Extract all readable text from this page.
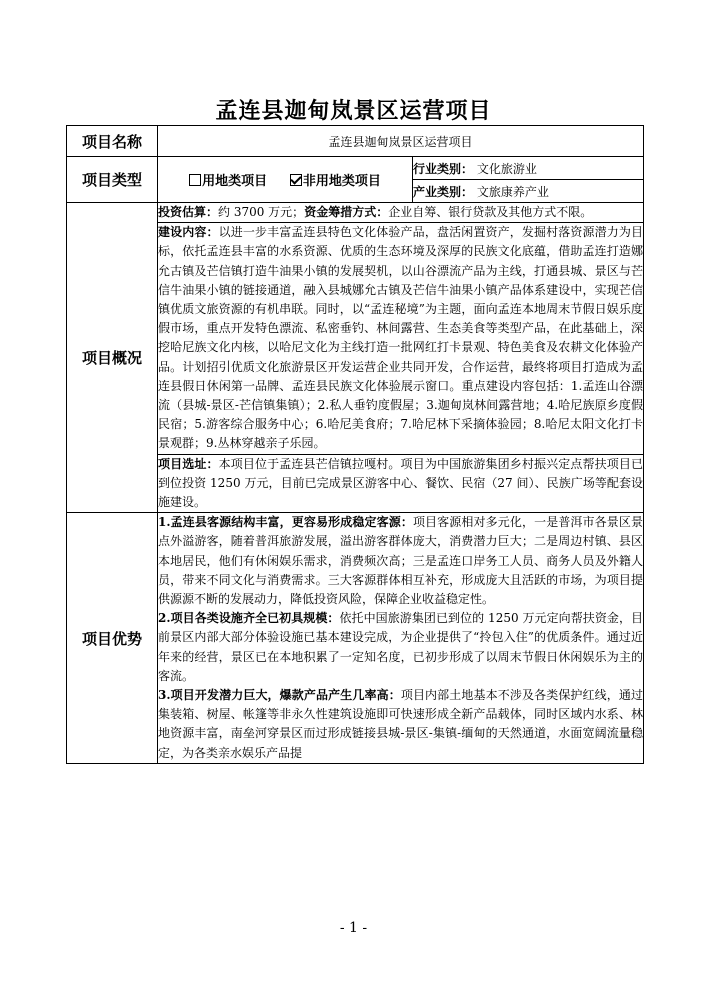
孟连县迦甸岚景区运营项目
项目名称	孟连县迦甸岚景区运营项目	
项目类型	用地类项目 非用地类项目	行业类别： 文化旅游业
		产业类别： 文旅康养产业
项目概况	投资估算：约 3700 万元；资金筹措方式：企业自筹、银行贷款及其他方式不限。	
	建设内容：以进一步丰富孟连县特色文化体验产品，盘活闲置资产，发掘村落资源潜力为目标，依托孟连县丰富的水系资源、优质的生态环境及深厚的民族文化底蕴，借助孟连打造娜允古镇及芒信镇打造牛油果小镇的发展契机，以山谷漂流产品为主线，打通县城、景区与芒信牛油果小镇的链接通道，融入县城娜允古镇及芒信牛油果小镇产品体系建设中，实现芒信镇优质文旅资源的有机串联。同时，以“孟连秘境”为主题，面向孟连本地周末节假日娱乐度假市场，重点开发特色漂流、私密垂钓、林间露营、生态美食等类型产品，在此基础上，深挖哈尼族文化内核，以哈尼文化为主线打造一批网红打卡景观、特色美食及农耕文化体验产品。计划招引优质文化旅游景区开发运营企业共同开发，合作运营，最终将项目打造成为孟连县假日休闲第一品牌、孟连县民族文化体验展示窗口。重点建设内容包括：1.孟连山谷漂流（县城-景区-芒信镇集镇）；2.私人垂钓度假屋；3.迦甸岚林间露营地；4.哈尼族原乡度假民宿；5.游客综合服务中心；6.哈尼美食府；7.哈尼林下采摘体验园；8.哈尼太阳文化打卡景观群；9.丛林穿越亲子乐园。	
	项目选址：本项目位于孟连县芒信镇拉嘎村。项目为中国旅游集团乡村振兴定点帮扶项目已到位投资 1250 万元，目前已完成景区游客中心、餐饮、民宿（27 间）、民族广场等配套设施建设。	
项目优势	1.孟连县客源结构丰富，更容易形成稳定客源：项目客源相对多元化，一是普洱市各景区景点外溢游客，随着普洱旅游发展，溢出游客群体庞大，消费潜力巨大；二是周边村镇、县区本地居民，他们有休闲娱乐需求，消费频次高；三是孟连口岸务工人员、商务人员及外籍人员，带来不同文化与消费需求。三大客源群体相互补充，形成庞大且活跃的市场，为项目提供源源不断的发展动力，降低投资风险，保障企业收益稳定性。

2.项目各类设施齐全已初具规模：依托中国旅游集团已到位的 1250 万元定向帮扶资金，目前景区内部大部分体验设施已基本建设完成，为企业提供了“拎包入住”的优质条件。通过近年来的经营，景区已在本地积累了一定知名度，已初步形成了以周末节假日休闲娱乐为主的客流。

3.项目开发潜力巨大，爆款产品产生几率高：项目内部土地基本不涉及各类保护红线，通过集装箱、树屋、帐篷等非永久性建筑设施即可快速形成全新产品载体，同时区域内水系、林地资源丰富，南垒河穿景区而过形成链接县城-景区-集镇-缅甸的天然通道，水面宽阔流量稳定，为各类亲水娱乐产品提	

- 1 -
